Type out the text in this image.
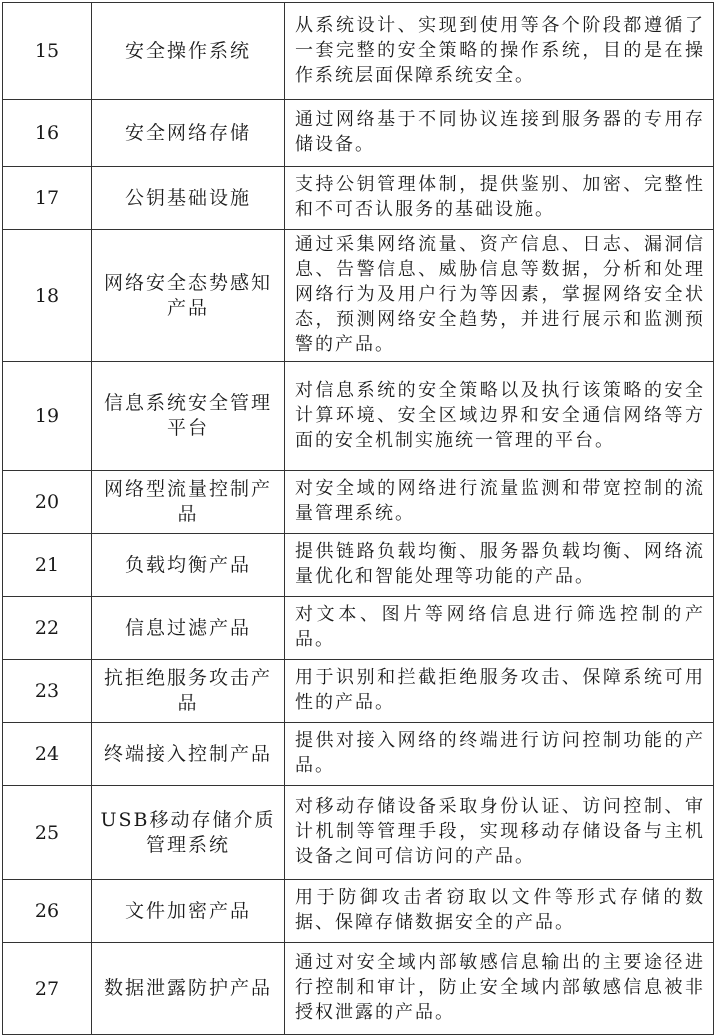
15	安全操作系统	从系统设计、实现到使用等各个阶段都遵循了一套完整的安全策略的操作系统，目的是在操作系统层面保障系统安全。
16	安全网络存储	通过网络基于不同协议连接到服务器的专用存储设备。
17	公钥基础设施	支持公钥管理体制，提供鉴别、加密、完整性和不可否认服务的基础设施。
18	网络安全态势感知产品	通过采集网络流量、资产信息、日志、漏洞信息、告警信息、威胁信息等数据，分析和处理网络行为及用户行为等因素，掌握网络安全状态，预测网络安全趋势，并进行展示和监测预警的产品。
19	信息系统安全管理平台	对信息系统的安全策略以及执行该策略的安全计算环境、安全区域边界和安全通信网络等方面的安全机制实施统一管理的平台。
20	网络型流量控制产品	对安全域的网络进行流量监测和带宽控制的流量管理系统。
21	负载均衡产品	提供链路负载均衡、服务器负载均衡、网络流量优化和智能处理等功能的产品。
22	信息过滤产品	对文本、图片等网络信息进行筛选控制的产品。
23	抗拒绝服务攻击产品	用于识别和拦截拒绝服务攻击、保障系统可用性的产品。
24	终端接入控制产品	提供对接入网络的终端进行访问控制功能的产品。
25	USB移动存储介质管理系统	对移动存储设备采取身份认证、访问控制、审计机制等管理手段，实现移动存储设备与主机设备之间可信访问的产品。
26	文件加密产品	用于防御攻击者窃取以文件等形式存储的数据、保障存储数据安全的产品。
27	数据泄露防护产品	通过对安全域内部敏感信息输出的主要途径进行控制和审计，防止安全域内部敏感信息被非授权泄露的产品。
